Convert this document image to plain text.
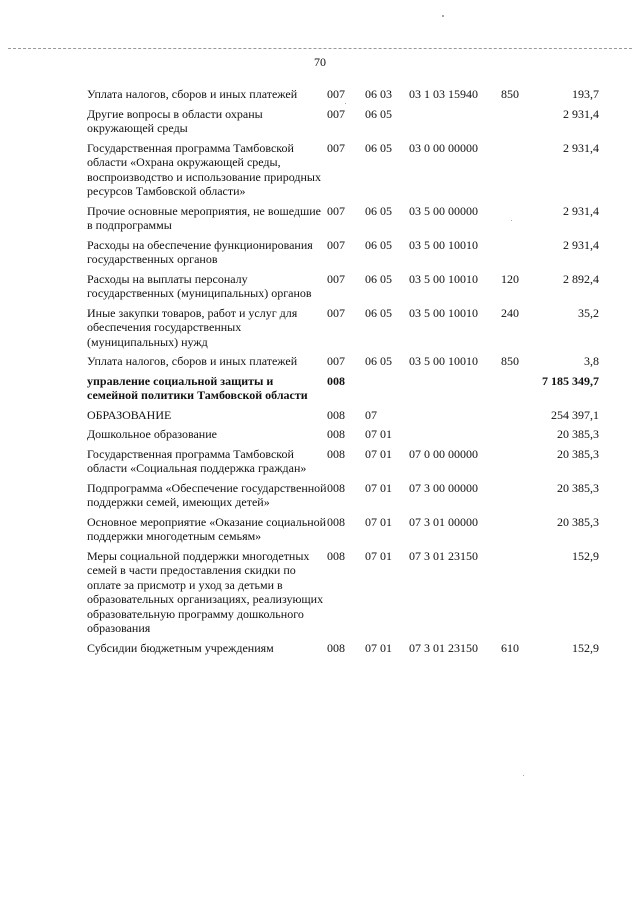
70
Уплата налогов, сборов и иных платежей	007	06 03	03 1 03 15940	850	193,7
Другие вопросы в области охраны окружающей среды	007	06 05			2 931,4
Государственная программа Тамбовской области «Охрана окружающей среды, воспроизводство и использование природных ресурсов Тамбовской области»	007	06 05	03 0 00 00000		2 931,4
Прочие основные мероприятия, не вошедшие в подпрограммы	007	06 05	03 5 00 00000		2 931,4
Расходы на обеспечение функционирования государственных органов	007	06 05	03 5 00 10010		2 931,4
Расходы на выплаты персоналу государственных (муниципальных) органов	007	06 05	03 5 00 10010	120	2 892,4
Иные закупки товаров, работ и услуг для обеспечения государственных (муниципальных) нужд	007	06 05	03 5 00 10010	240	35,2
Уплата налогов, сборов и иных платежей	007	06 05	03 5 00 10010	850	3,8
управление социальной защиты и семейной политики Тамбовской области	008				7 185 349,7
ОБРАЗОВАНИЕ	008	07			254 397,1
Дошкольное образование	008	07 01			20 385,3
Государственная программа Тамбовской области «Социальная поддержка граждан»	008	07 01	07 0 00 00000		20 385,3
Подпрограмма «Обеспечение государственной поддержки семей, имеющих детей»	008	07 01	07 3 00 00000		20 385,3
Основное мероприятие «Оказание социальной поддержки многодетным семьям»	008	07 01	07 3 01 00000		20 385,3
Меры социальной поддержки многодетных семей в части предоставления скидки по оплате за присмотр и уход за детьми в образовательных организациях, реализующих образовательную программу дошкольного образования	008	07 01	07 3 01 23150		152,9
Субсидии бюджетным учреждениям	008	07 01	07 3 01 23150	610	152,9
